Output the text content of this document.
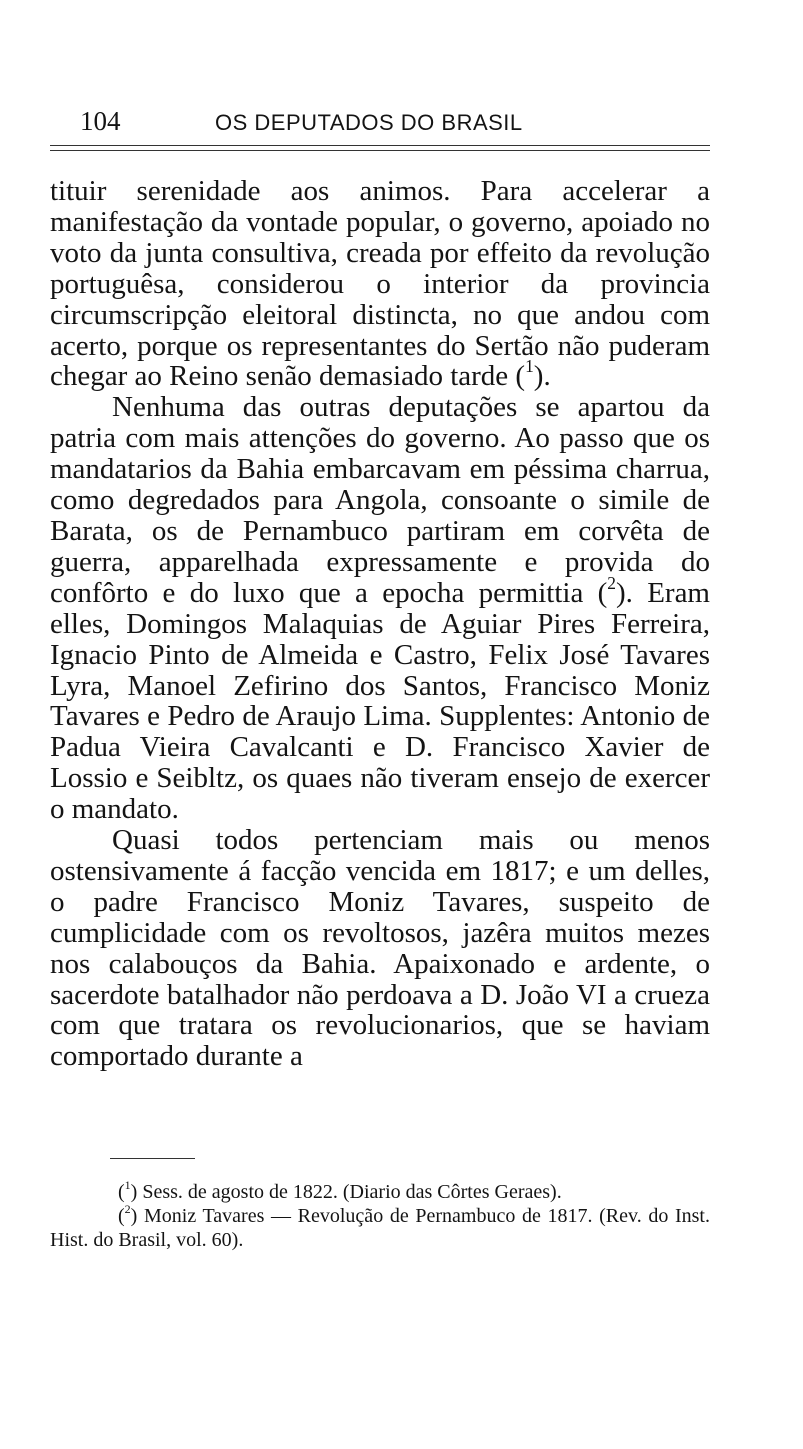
104	OS DEPUTADOS DO BRASIL

tituir serenidade aos animos. Para accelerar a manifestação da vontade popular, o governo, apoiado no voto da junta consultiva, creada por effeito da revolução portuguêsa, considerou o interior da provincia circumscripção eleitoral distincta, no que andou com acerto, porque os representantes do Sertão não puderam chegar ao Reino senão demasiado tarde ($^1$).

Nenhuma das outras deputações se apartou da patria com mais attenções do governo. Ao passo que os mandatarios da Bahia embarcavam em péssima charrua, como degredados para Angola, consoante o simile de Barata, os de Pernambuco partiram em corvêta de guerra, apparelhada expressamente e provida do confôrto e do luxo que a epocha permittia ($^2$). Eram elles, Domingos Malaquias de Aguiar Pires Ferreira, Ignacio Pinto de Almeida e Castro, Felix José Tavares Lyra, Manoel Zefirino dos Santos, Francisco Moniz Tavares e Pedro de Araujo Lima. Supplentes: Antonio de Padua Vieira Cavalcanti e D. Francisco Xavier de Lossio e Seibltz, os quaes não tiveram ensejo de exercer o mandato.

Quasi todos pertenciam mais ou menos ostensivamente á facção vencida em 1817; e um delles, o padre Francisco Moniz Tavares, suspeito de cumplicidade com os revoltosos, jazêra muitos mezes nos calabouços da Bahia. Apaixonado e ardente, o sacerdote batalhador não perdoava a D. João VI a crueza com que tratara os revolucionarios, que se haviam comportado durante a

($^1$) Sess. de agosto de 1822. (Diario das Côrtes Geraes).

($^2$) Moniz Tavares — Revolução de Pernambuco de 1817. (Rev. do Inst. Hist. do Brasil, vol. 60).
